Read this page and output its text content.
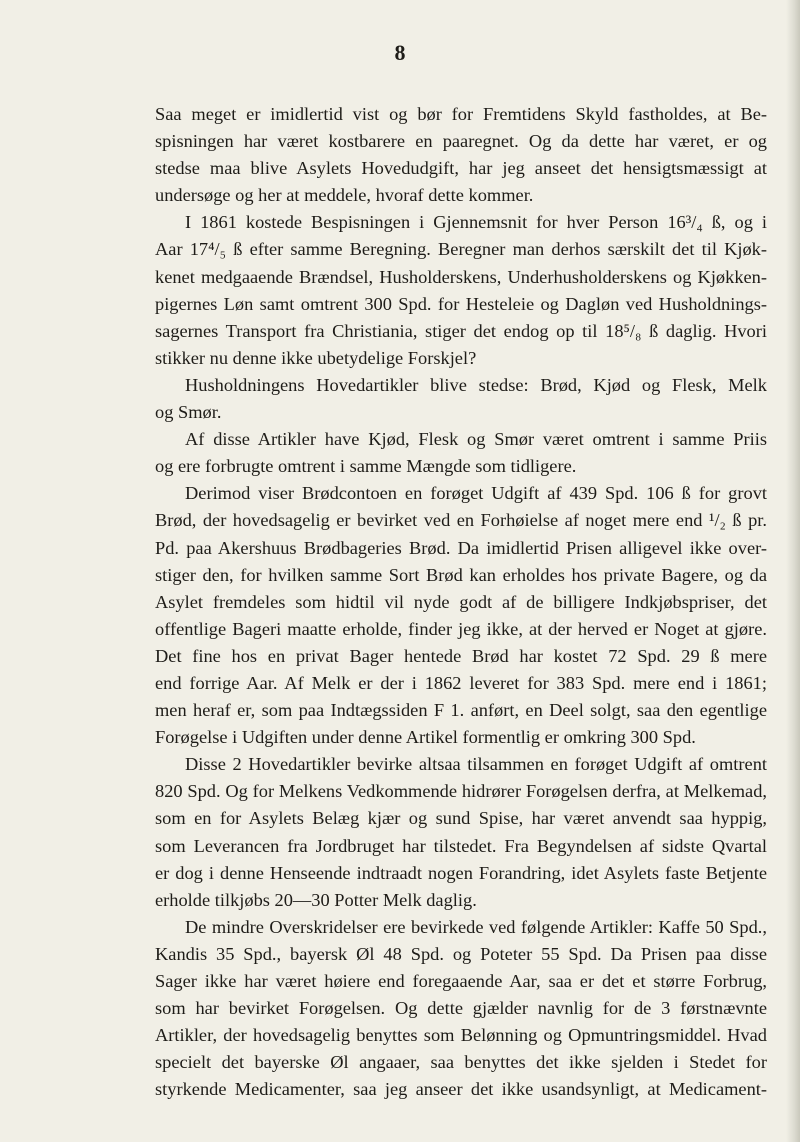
8

Saa meget er imidlertid vist og bør for Fremtidens Skyld fastholdes, at Be-
spisningen har været kostbarere en paaregnet. Og da dette har været, er og
stedse maa blive Asylets Hovedudgift, har jeg anseet det hensigtsmæssigt at
undersøge og her at meddele, hvoraf dette kommer.

I 1861 kostede Bespisningen i Gjennemsnit for hver Person 16³/₄ ß, og i
Aar 17⁴/₅ ß efter samme Beregning. Beregner man derhos særskilt det til Kjøk-
kenet medgaaende Brændsel, Husholderskens, Underhusholderskens og Kjøkken-
pigernes Løn samt omtrent 300 Spd. for Hesteleie og Dagløn ved Husholdnings-
sagernes Transport fra Christiania, stiger det endog op til 18⁵/₈ ß daglig. Hvori
stikker nu denne ikke ubetydelige Forskjel?

Husholdningens Hovedartikler blive stedse: Brød, Kjød og Flesk, Melk
og Smør.

Af disse Artikler have Kjød, Flesk og Smør været omtrent i samme Priis
og ere forbrugte omtrent i samme Mængde som tidligere.

Derimod viser Brødcontoen en forøget Udgift af 439 Spd. 106 ß for grovt
Brød, der hovedsagelig er bevirket ved en Forhøielse af noget mere end ¹/₂ ß pr.
Pd. paa Akershuus Brødbageries Brød. Da imidlertid Prisen alligevel ikke over-
stiger den, for hvilken samme Sort Brød kan erholdes hos private Bagere, og da
Asylet fremdeles som hidtil vil nyde godt af de billigere Indkjøbspriser, det
offentlige Bageri maatte erholde, finder jeg ikke, at der herved er Noget at gjøre.
Det fine hos en privat Bager hentede Brød har kostet 72 Spd. 29 ß mere
end forrige Aar. Af Melk er der i 1862 leveret for 383 Spd. mere end i 1861;
men heraf er, som paa Indtægssiden F 1. anført, en Deel solgt, saa den egentlige
Forøgelse i Udgiften under denne Artikel formentlig er omkring 300 Spd.

Disse 2 Hovedartikler bevirke altsaa tilsammen en forøget Udgift af omtrent
820 Spd. Og for Melkens Vedkommende hidrører Forøgelsen derfra, at Melkemad,
som en for Asylets Belæg kjær og sund Spise, har været anvendt saa hyppig,
som Leverancen fra Jordbruget har tilstedet. Fra Begyndelsen af sidste Qvartal
er dog i denne Henseende indtraadt nogen Forandring, idet Asylets faste Betjente
erholde tilkjøbs 20—30 Potter Melk daglig.

De mindre Overskridelser ere bevirkede ved følgende Artikler: Kaffe 50 Spd.,
Kandis 35 Spd., bayersk Øl 48 Spd. og Poteter 55 Spd. Da Prisen paa disse
Sager ikke har været høiere end foregaaende Aar, saa er det et større Forbrug,
som har bevirket Forøgelsen. Og dette gjælder navnlig for de 3 førstnævnte
Artikler, der hovedsagelig benyttes som Belønning og Opmuntringsmiddel. Hvad
specielt det bayerske Øl angaaer, saa benyttes det ikke sjelden i Stedet for
styrkende Medicamenter, saa jeg anseer det ikke usandsynligt, at Medicament-
